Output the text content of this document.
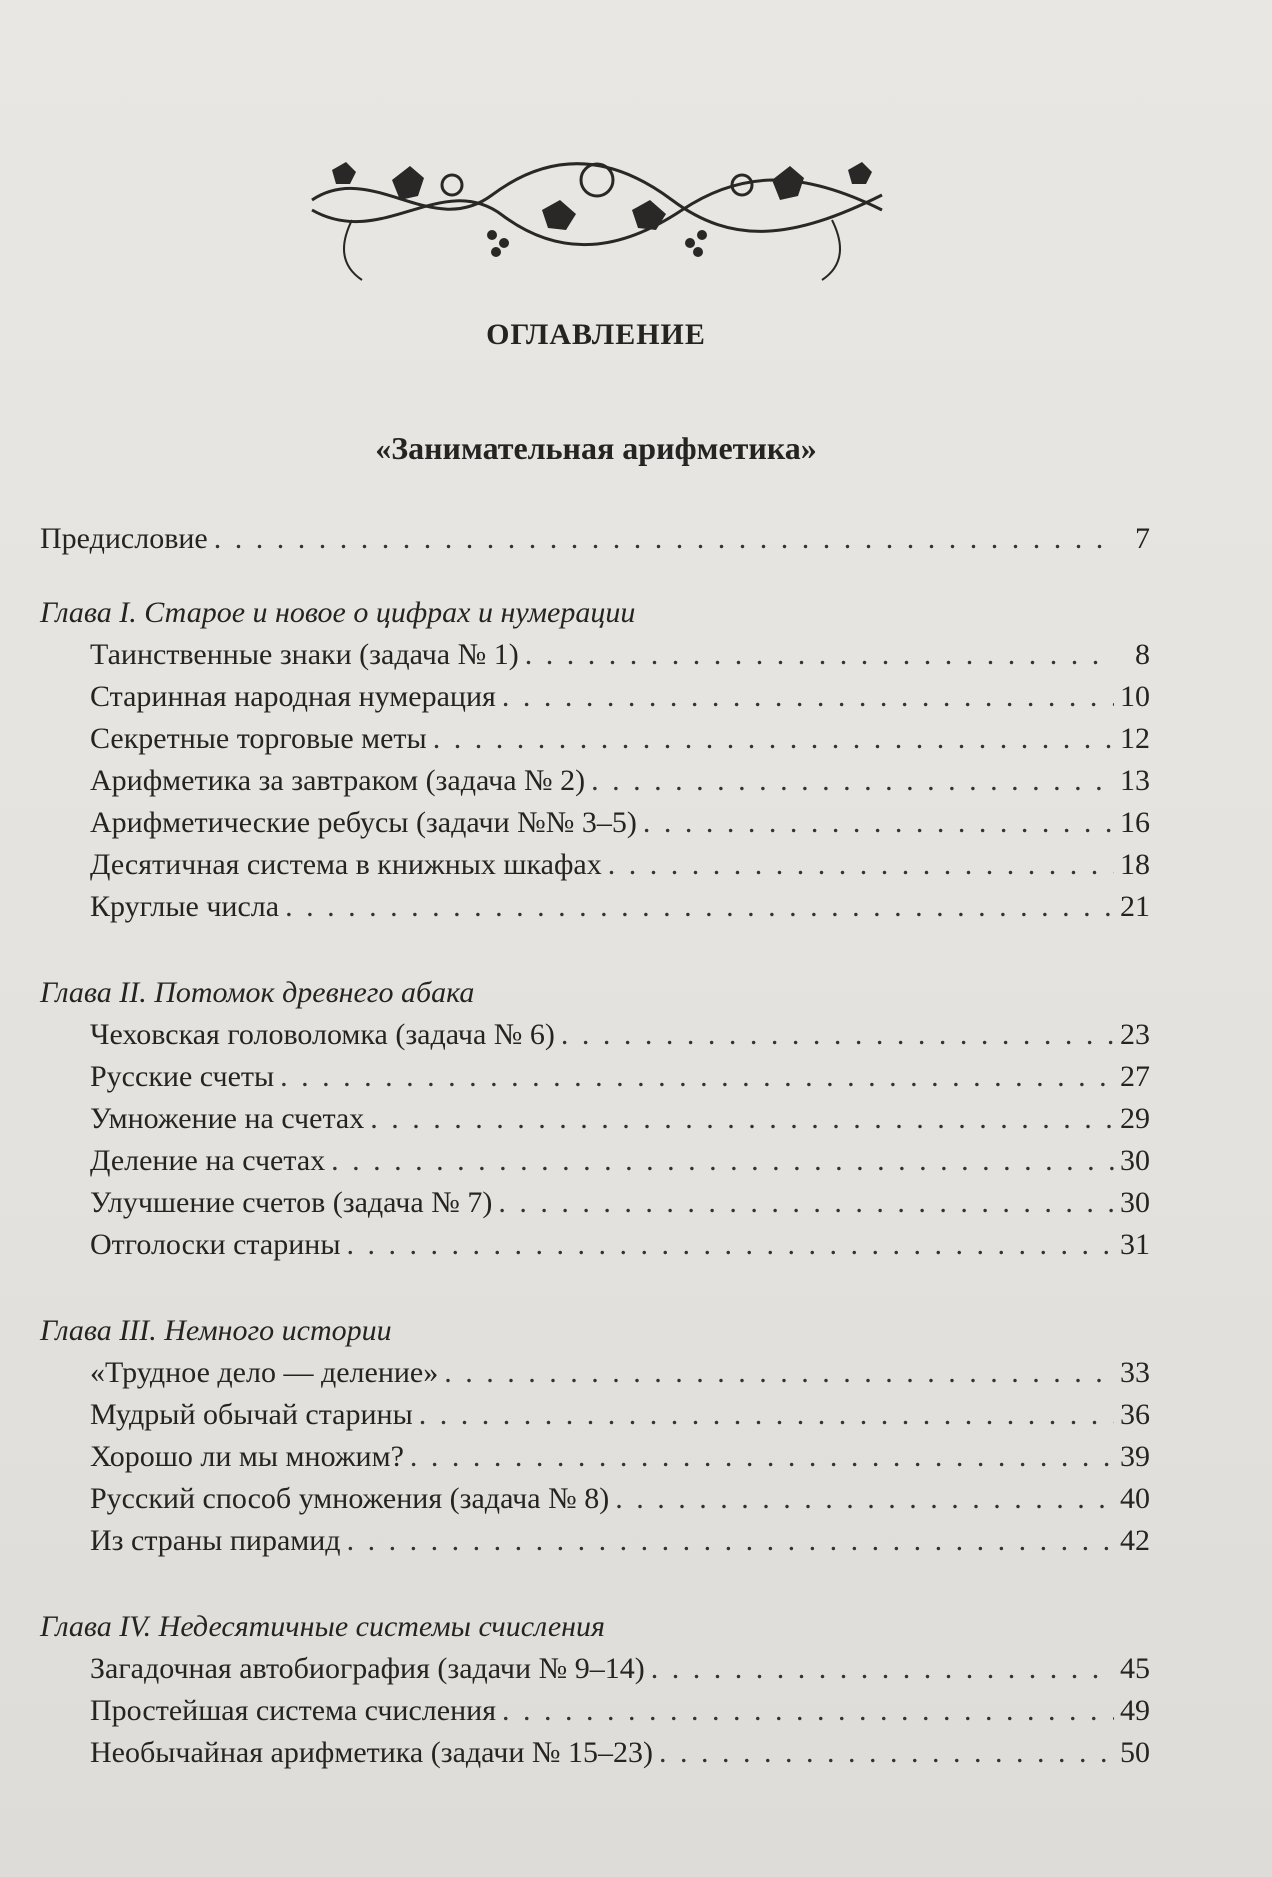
ОГЛАВЛЕНИЕ
«Занимательная арифметика»
Предисловие . . .	7
Глава I. Старое и новое о цифрах и нумерации
Таинственные знаки (задача № 1) . . .	8
Старинная народная нумерация . . .	10
Секретные торговые меты . . .	12
Арифметика за завтраком (задача № 2) . . .	13
Арифметические ребусы (задачи №№ 3–5) . . .	16
Десятичная система в книжных шкафах . . .	18
Круглые числа . . .	21
Глава II. Потомок древнего абака
Чеховская головоломка (задача № 6) . . .	23
Русские счеты . . .	27
Умножение на счетах . . .	29
Деление на счетах . . .	30
Улучшение счетов (задача № 7) . . .	30
Отголоски старины . . .	31
Глава III. Немного истории
«Трудное дело — деление» . . .	33
Мудрый обычай старины . . .	36
Хорошо ли мы множим? . . .	39
Русский способ умножения (задача № 8) . . .	40
Из страны пирамид . . .	42
Глава IV. Недесятичные системы счисления
Загадочная автобиография (задачи № 9–14) . . .	45
Простейшая система счисления . . .	49
Необычайная арифметика (задачи № 15–23) . . .	50
